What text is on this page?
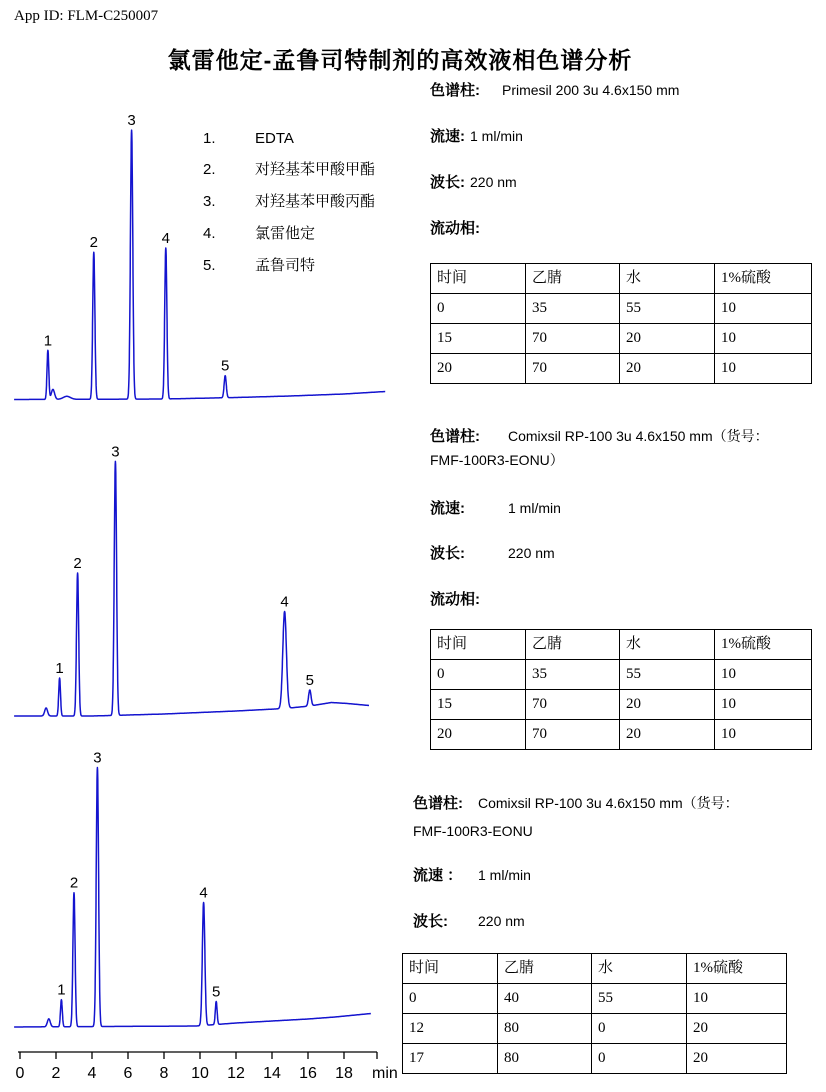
App ID: FLM-C250007
氯雷他定-孟鲁司特制剂的高效液相色谱分析
1
2
3
4
5
1
2
3
4
5
1
2
3
4
5
0 2 4 6 8 10 12 14 16 18 min
1.	EDTA
2.	对羟基苯甲酸甲酯
3.	对羟基苯甲酸丙酯
4.	氯雷他定
5.	孟鲁司特
色谱柱: Primesil 200 3u 4.6x150 mm
流速: 1 ml/min
波长: 220 nm
流动相:
时间	乙腈	水	1%硫酸
0	35	55	10
15	70	20	10
20	70	20	10
色谱柱: Comixsil RP-100 3u 4.6x150 mm（货号：
FMF-100R3-EONU）
流速:	1 ml/min
波长:	220 nm
流动相:
时间	乙腈	水	1%硫酸
0	35	55	10
15	70	20	10
20	70	20	10
色谱柱: Comixsil RP-100 3u 4.6x150 mm（货号：
FMF-100R3-EONU
流速 ： 1 ml/min
波长: 220 nm
时间	乙腈	水	1%硫酸
0	40	55	10
12	80	0	20
17	80	0	20
